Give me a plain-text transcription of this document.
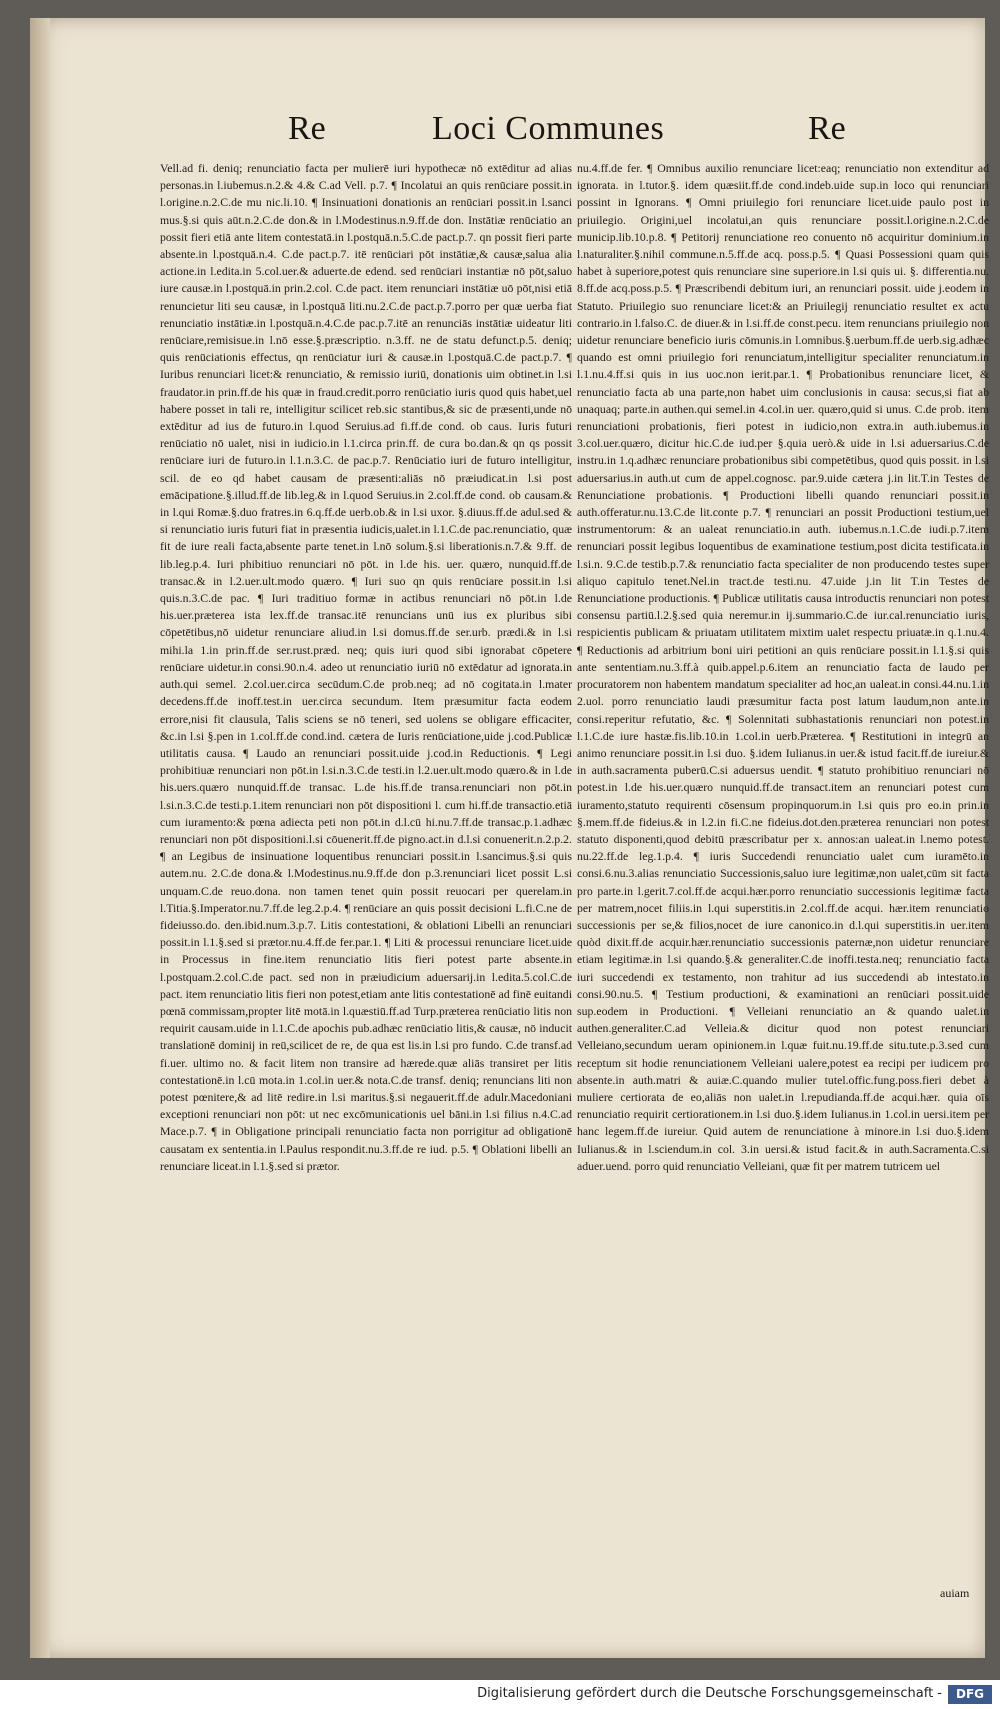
Re	Loci Communes	Re

Vell.ad fi. deniq; renunciatio facta per mulierē iuri hypothecæ nō extēditur ad alias personas.in l.iubemus.n.2.& 4.& C.ad Vell. p.7. ¶ Incolatui an quis renūciare possit.in l.origine.n.2.C.de mu nic.li.10. ¶ Insinuationi donationis an renūciari possit.in l.sanci mus.§.si quis aūt.n.2.C.de don.& in l.Modestinus.n.9.ff.de don. Instātiæ renūciatio an possit fieri etiā ante litem contestatā.in l.postquā.n.5.C.de pact.p.7. qn possit fieri parte absente.in l.postquā.n.4. C.de pact.p.7. itē renūciari pōt instātiæ,& causæ,salua alia actione.in l.edita.in 5.col.uer.& aduerte.de edend. sed renūciari instantiæ nō pōt,saluo iure causæ.in l.postquā.in prin.2.col. C.de pact. item renunciari instātiæ uō pōt,nisi etiā renuncietur liti seu causæ, in l.postquā liti.nu.2.C.de pact.p.7.porro per quæ uerba fiat renunciatio instātiæ.in l.postquā.n.4.C.de pac.p.7.itē an renunciās instātiæ uideatur liti renūciare,remisisue.in l.nō esse.§.præscriptio. n.3.ff. ne de statu defunct.p.5. deniq; quis renūciationis effectus, qn renūciatur iuri & causæ.in l.postquā.C.de pact.p.7. ¶ Iuribus renunciari licet:& renunciatio, & remissio iuriū, donationis uim obtinet.in l.si fraudator.in prin.ff.de his quæ in fraud.credit.porro renūciatio iuris quod quis habet,uel habere posset in tali re, intelligitur scilicet reb.sic stantibus,& sic de præsenti,unde nō extēditur ad ius de futuro.in l.quod Seruius.ad fi.ff.de cond. ob caus. Iuris futuri renūciatio nō ualet, nisi in iudicio.in l.1.circa prin.ff. de cura bo.dan.& qn qs possit renūciare iuri de futuro.in l.1.n.3.C. de pac.p.7. Renūciatio iuri de futuro intelligitur, scil. de eo qd habet causam de præsenti:aliās nō præiudicat.in l.si post emācipatione.§.illud.ff.de lib.leg.& in l.quod Seruius.in 2.col.ff.de cond. ob causam.& in l.qui Romæ.§.duo fratres.in 6.q.ff.de uerb.ob.& in l.si uxor. §.diuus.ff.de adul.sed & si renunciatio iuris futuri fiat in præsentia iudicis,ualet.in l.1.C.de pac.renunciatio, quæ fit de iure reali facta,absente parte tenet.in l.nō solum.§.si liberationis.n.7.& 9.ff. de lib.leg.p.4. Iuri phibitiuo renunciari nō pōt. in l.de his. uer. quæro, nunquid.ff.de transac.& in l.2.uer.ult.modo quæro. ¶ Iuri suo qn quis renūciare possit.in l.si quis.n.3.C.de pac. ¶ Iuri traditiuo formæ in actibus renunciari nō pōt.in l.de his.uer.præterea ista lex.ff.de transac.itē renuncians unū ius ex pluribus sibi cōpetētibus,nō uidetur renunciare aliud.in l.si domus.ff.de ser.urb. prædi.& in l.si mihi.la 1.in prin.ff.de ser.rust.præd. neq; quis iuri quod sibi ignorabat cōpetere renūciare uidetur.in consi.90.n.4. adeo ut renunciatio iuriū nō extēdatur ad ignorata.in auth.qui semel. 2.col.uer.circa secūdum.C.de prob.neq; ad nō cogitata.in l.mater decedens.ff.de inoff.test.in uer.circa secundum. Item præsumitur facta eodem errore,nisi fit clausula, Talis sciens se nō teneri, sed uolens se obligare efficaciter, &c.in l.si §.pen in 1.col.ff.de cond.ind. cætera de Iuris renūciatione,uide j.cod.Publicæ utilitatis causa. ¶ Laudo an renunciari possit.uide j.cod.in Reductionis. ¶ Legi prohibitiuæ renunciari non pōt.in l.si.n.3.C.de testi.in l.2.uer.ult.modo quæro.& in l.de his.uers.quæro nunquid.ff.de transac. L.de his.ff.de transa.renunciari non pōt.in l.si.n.3.C.de testi.p.1.item renunciari non pōt dispositioni l. cum hi.ff.de transactio.etiā cum iuramento:& pœna adiecta peti non pōt.in d.l.cū hi.nu.7.ff.de transac.p.1.adhæc renunciari non pōt dispositioni.l.si cōuenerit.ff.de pigno.act.in d.l.si conuenerit.n.2.p.2. ¶ an Legibus de insinuatione loquentibus renunciari possit.in l.sancimus.§.si quis autem.nu. 2.C.de dona.& l.Modestinus.nu.9.ff.de don p.3.renunciari licet possit L.si unquam.C.de reuo.dona. non tamen tenet quin possit reuocari per querelam.in l.Titia.§.Imperator.nu.7.ff.de leg.2.p.4. ¶ renūciare an quis possit decisioni L.fi.C.ne de fideiusso.do. den.ibid.num.3.p.7. Litis contestationi, & oblationi Libelli an renunciari possit.in l.1.§.sed si prætor.nu.4.ff.de fer.par.1. ¶ Liti & processui renunciare licet.uide in Processus in fine.item renunciatio litis fieri potest parte absente.in l.postquam.2.col.C.de pact. sed non in præiudicium aduersarij.in l.edita.5.col.C.de pact. item renunciatio litis fieri non potest,etiam ante litis contestationē ad finē euitandi pœnā commissam,propter litē motā.in l.quæstiū.ff.ad Turp.præterea renūciatio litis non requirit causam.uide in l.1.C.de apochis pub.adhæc renūciatio litis,& causæ, nō inducit translationē dominij in reū,scilicet de re, de qua est lis.in l.si pro fundo. C.de transf.ad fi.uer. ultimo no. & facit litem non transire ad hærede.quæ aliās transiret per litis contestationē.in l.cū mota.in 1.col.in uer.& nota.C.de transf. deniq; renuncians liti non potest pœnitere,& ad litē redire.in l.si maritus.§.si negauerit.ff.de adulr.Macedoniani exceptioni renunciari non pōt: ut nec excōmunicationis uel bāni.in l.si filius n.4.C.ad Mace.p.7. ¶ in Obligatione principali renunciatio facta non porrigitur ad obligationē causatam ex sententia.in l.Paulus respondit.nu.3.ff.de re iud. p.5. ¶ Oblationi libelli an renunciare liceat.in l.1.§.sed si prætor.

nu.4.ff.de fer. ¶ Omnibus auxilio renunciare licet:eaq; renunciatio non extenditur ad ignorata. in l.tutor.§. idem quæsiit.ff.de cond.indeb.uide sup.in loco qui renunciari possint in Ignorans. ¶ Omni priuilegio fori renunciare licet.uide paulo post in priuilegio. Origini,uel incolatui,an quis renunciare possit.l.origine.n.2.C.de municip.lib.10.p.8. ¶ Petitorij renunciatione reo conuento nō acquiritur dominium.in l.naturaliter.§.nihil commune.n.5.ff.de acq. poss.p.5. ¶ Quasi Possessioni quam quis habet à superiore,potest quis renunciare sine superiore.in l.si quis ui. §. differentia.nu. 8.ff.de acq.poss.p.5. ¶ Præscribendi debitum iuri, an renunciari possit. uide j.eodem in Statuto. Priuilegio suo renunciare licet:& an Priuilegij renunciatio resultet ex actu contrario.in l.falso.C. de diuer.& in l.si.ff.de const.pecu. item renuncians priuilegio non uidetur renunciare beneficio iuris cōmunis.in l.omnibus.§.uerbum.ff.de uerb.sig.adhæc quando est omni priuilegio fori renunciatum,intelligitur specialiter renunciatum.in l.1.nu.4.ff.si quis in ius uoc.non ierit.par.1. ¶ Probationibus renunciare licet, & renunciatio facta ab una parte,non habet uim conclusionis in causa: secus,si fiat ab unaquaq; parte.in authen.qui semel.in 4.col.in uer. quæro,quid si unus. C.de prob. item renunciationi probationis, fieri potest in iudicio,non extra.in auth.iubemus.in 3.col.uer.quæro, dicitur hic.C.de iud.per §.quia uerò.& uide in l.si aduersarius.C.de instru.in 1.q.adhæc renunciare probationibus sibi competētibus, quod quis possit. in l.si aduersarius.in auth.ut cum de appel.cognosc. par.9.uide cætera j.in lit.T.in Testes de Renunciatione probationis. ¶ Productioni libelli quando renunciari possit.in auth.offeratur.nu.13.C.de lit.conte p.7. ¶ renunciari an possit Productioni testium,uel instrumentorum: & an ualeat renunciatio.in auth. iubemus.n.1.C.de iudi.p.7.item renunciari possit legibus loquentibus de examinatione testium,post dicita testificata.in l.si.n. 9.C.de testib.p.7.& renunciatio facta specialiter de non producendo testes super aliquo capitulo tenet.Nel.in tract.de testi.nu. 47.uide j.in lit T.in Testes de Renunciatione productionis. ¶ Publicæ utilitatis causa introductis renunciari non potest consensu partiū.l.2.§.sed quia neremur.in ij.summario.C.de iur.cal.renunciatio iuris, respicientis publicam & priuatam utilitatem mixtim ualet respectu priuatæ.in q.1.nu.4. ¶ Reductionis ad arbitrium boni uiri petitioni an quis renūciare possit.in l.1.§.si quis ante sententiam.nu.3.ff.à quib.appel.p.6.item an renunciatio facta de laudo per procuratorem non habentem mandatum specialiter ad hoc,an ualeat.in consi.44.nu.1.in 2.uol. porro renunciatio laudi præsumitur facta post latum laudum,non ante.in consi.reperitur refutatio, &c. ¶ Solennitati subhastationis renunciari non potest.in l.1.C.de iure hastæ.fis.lib.10.in 1.col.in uerb.Præterea. ¶ Restitutioni in integrū an animo renunciare possit.in l.si duo. §.idem Iulianus.in uer.& istud facit.ff.de iureiur.& in auth.sacramenta puberū.C.si aduersus uendit. ¶ statuto prohibitiuo renunciari nō potest.in l.de his.uer.quæro nunquid.ff.de transact.item an renunciari potest cum iuramento,statuto requirenti cōsensum propinquorum.in l.si quis pro eo.in prin.in §.mem.ff.de fideius.& in l.2.in fi.C.ne fideius.dot.den.præterea renunciari non potest statuto disponenti,quod debitū præscribatur per x. annos:an ualeat.in l.nemo potest. nu.22.ff.de leg.1.p.4. ¶ iuris Succedendi renunciatio ualet cum iuramēto.in consi.6.nu.3.alias renunciatio Successionis,saluo iure legitimæ,non ualet,cūm sit facta pro parte.in l.gerit.7.col.ff.de acqui.hær.porro renunciatio successionis legitimæ facta per matrem,nocet filiis.in l.qui superstitis.in 2.col.ff.de acqui. hær.item renunciatio successionis per se,& filios,nocet de iure canonico.in d.l.qui superstitis.in uer.item quòd dixit.ff.de acquir.hær.renunciatio successionis paternæ,non uidetur renunciare etiam legitimæ.in l.si quando.§.& generaliter.C.de inoffi.testa.neq; renunciatio facta iuri succedendi ex testamento, non trahitur ad ius succedendi ab intestato.in consi.90.nu.5. ¶ Testium productioni, & examinationi an renūciari possit.uide sup.eodem in Productioni. ¶ Velleiani renunciatio an & quando ualet.in authen.generaliter.C.ad Velleia.& dicitur quod non potest renunciari Velleiano,secundum ueram opinionem.in l.quæ fuit.nu.19.ff.de situ.tute.p.3.sed cum receptum sit hodie renunciationem Velleiani ualere,potest ea recipi per iudicem pro absente.in auth.matri & auiæ.C.quando mulier tutel.offic.fung.poss.fieri debet à muliere certiorata de eo,aliās non ualet.in l.repudianda.ff.de acqui.hær. quia oīs renunciatio requirit certiorationem.in l.si duo.§.idem Iulianus.in 1.col.in uersi.item per hanc legem.ff.de iureiur. Quid autem de renunciatione à minore.in l.si duo.§.idem Iulianus.& in l.sciendum.in col. 3.in uersi.& istud facit.& in auth.Sacramenta.C.si aduer.uend. porro quid renunciatio Velleiani, quæ fit per matrem tutricem uel

auiam
Digitalisierung gefördert durch die Deutsche Forschungsgemeinschaft -	DFG
